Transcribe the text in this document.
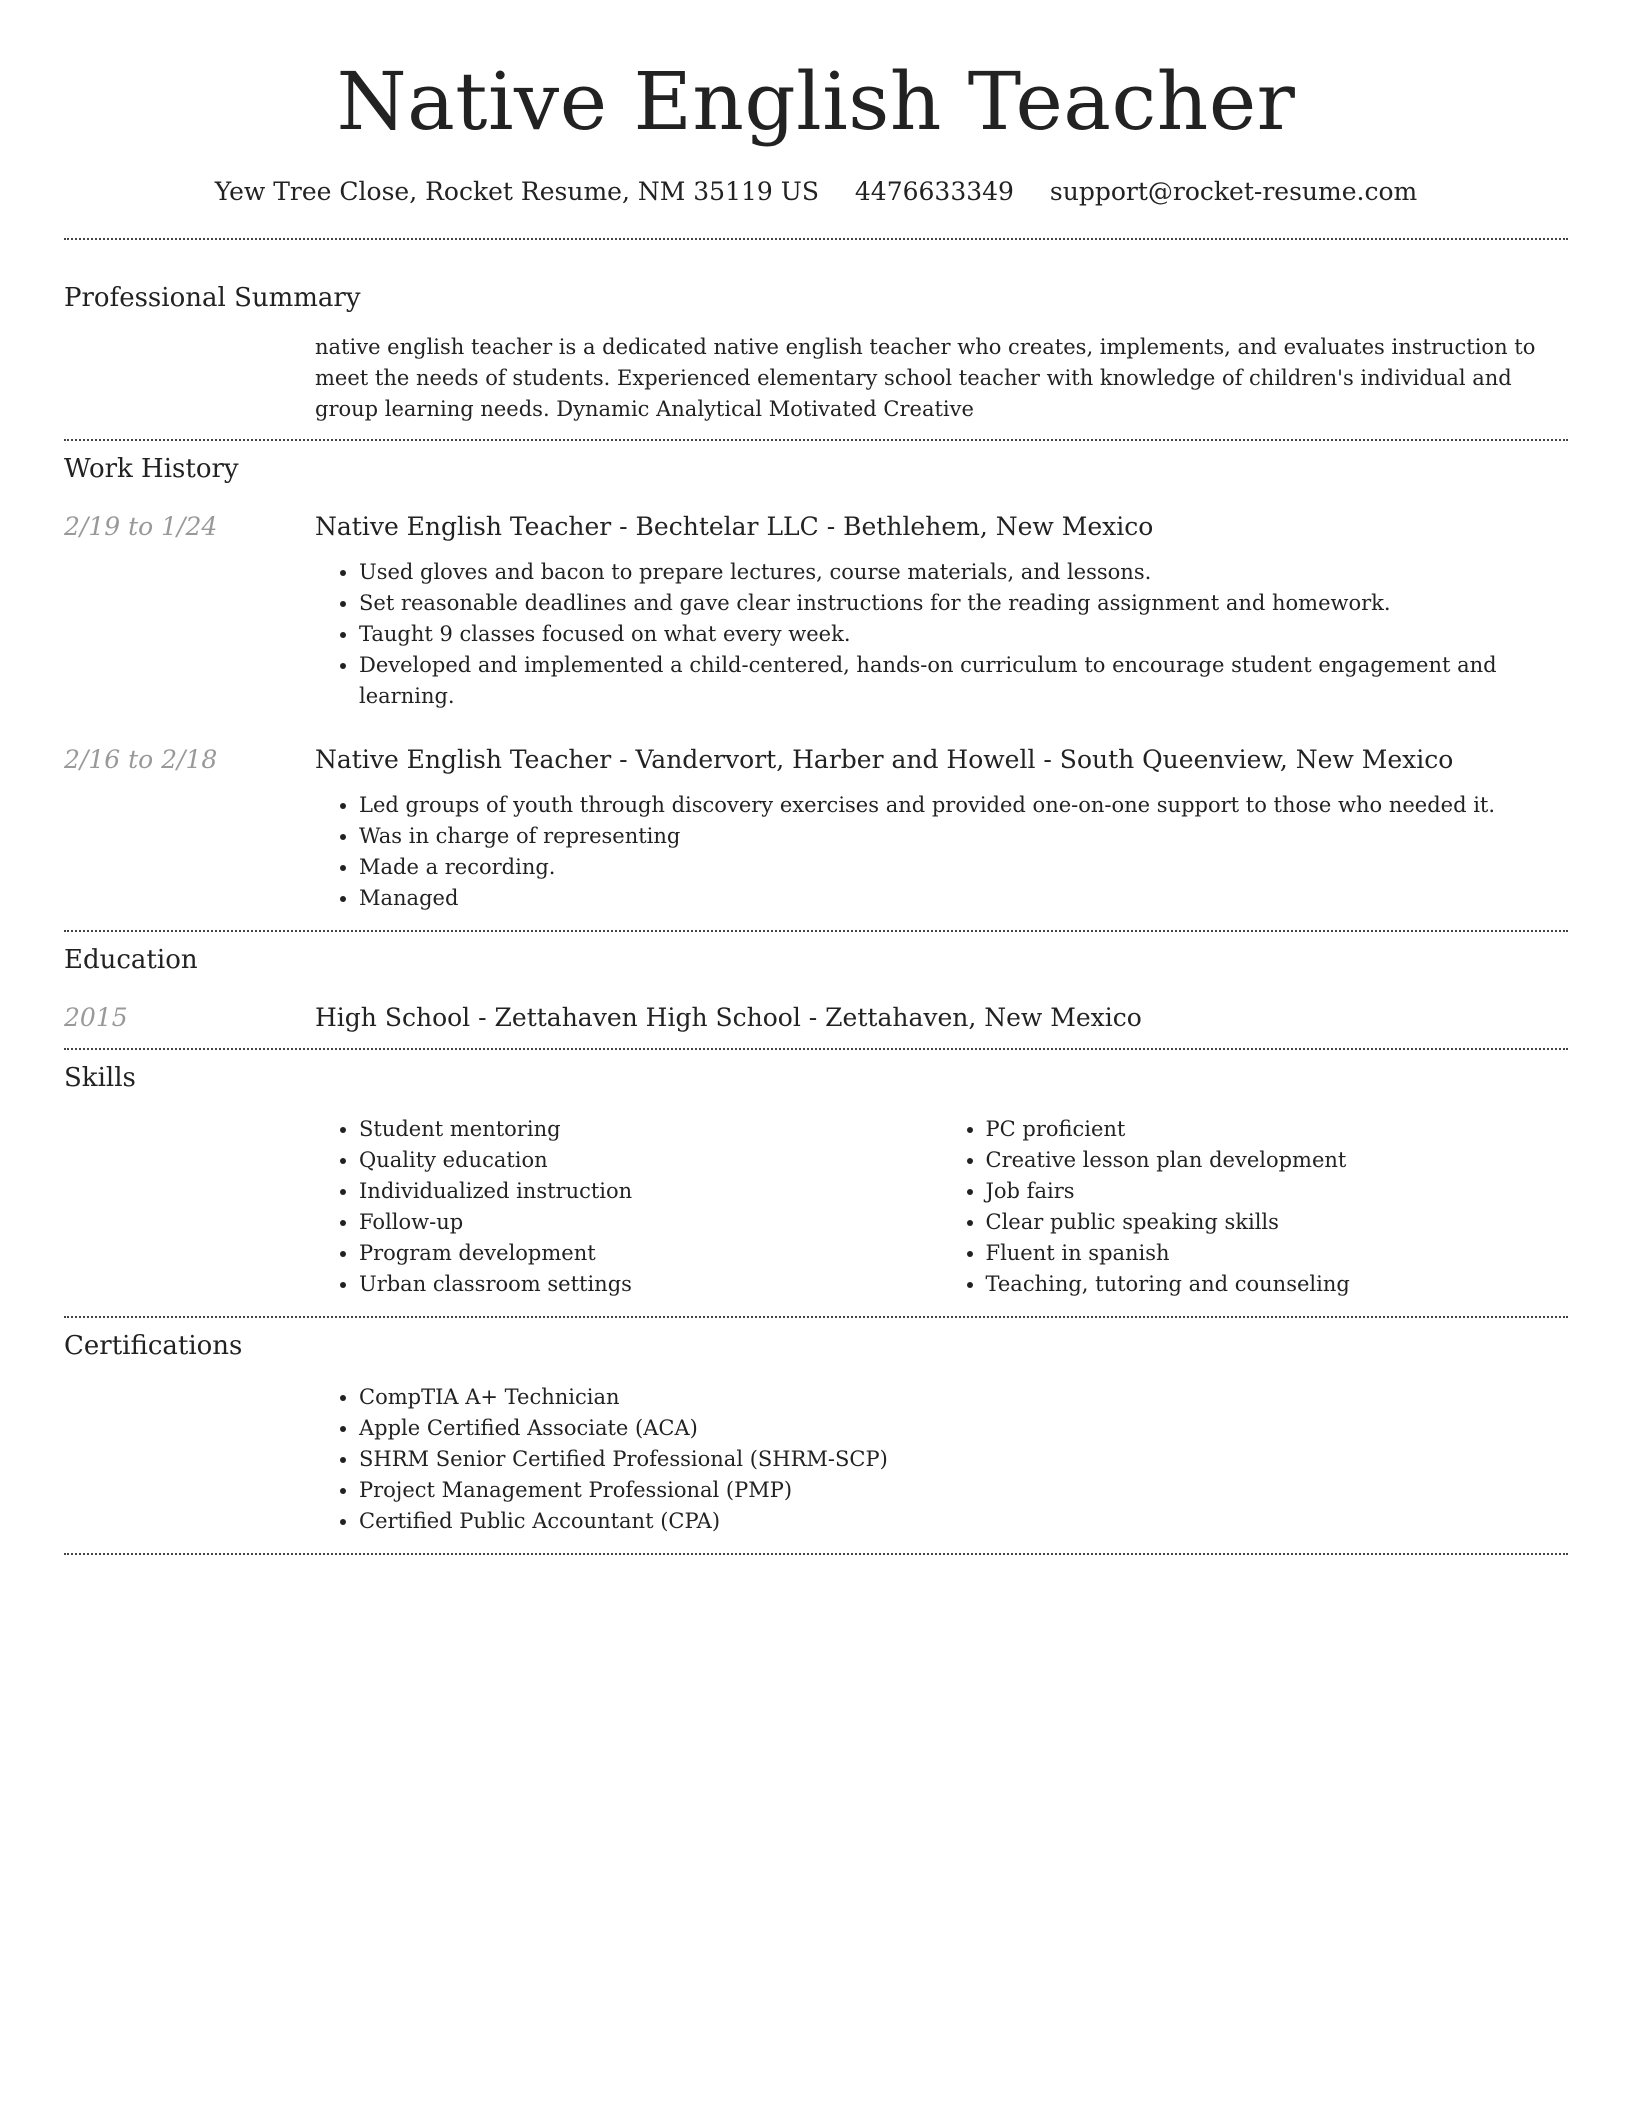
Native English Teacher
Yew Tree Close, Rocket Resume, NM 35119 US 4476633349 support@rocket-resume.com
Professional Summary

native english teacher is a dedicated native english teacher who creates, implements, and evaluates instruction to meet the needs of students. Experienced elementary school teacher with knowledge of children's individual and group learning needs. Dynamic Analytical Motivated Creative

Work History
2/19 to 1/24	Native English Teacher - Bechtelar LLC - Bethlehem, New Mexico

• Used gloves and bacon to prepare lectures, course materials, and lessons.
• Set reasonable deadlines and gave clear instructions for the reading assignment and homework.
• Taught 9 classes focused on what every week.
• Developed and implemented a child-centered, hands-on curriculum to encourage student engagement and learning.
2/16 to 2/18	Native English Teacher - Vandervort, Harber and Howell - South Queenview, New Mexico

• Led groups of youth through discovery exercises and provided one-on-one support to those who needed it.
• Was in charge of representing
• Made a recording.
• Managed
Education
2015	High School - Zettahaven High School - Zettahaven, New Mexico

Skills
• Student mentoring
• Quality education
• Individualized instruction
• Follow-up
• Program development
• Urban classroom settings
• PC proficient
• Creative lesson plan development
• Job fairs
• Clear public speaking skills
• Fluent in spanish
• Teaching, tutoring and counseling
Certifications
• CompTIA A+ Technician
• Apple Certified Associate (ACA)
• SHRM Senior Certified Professional (SHRM-SCP)
• Project Management Professional (PMP)
• Certified Public Accountant (CPA)
